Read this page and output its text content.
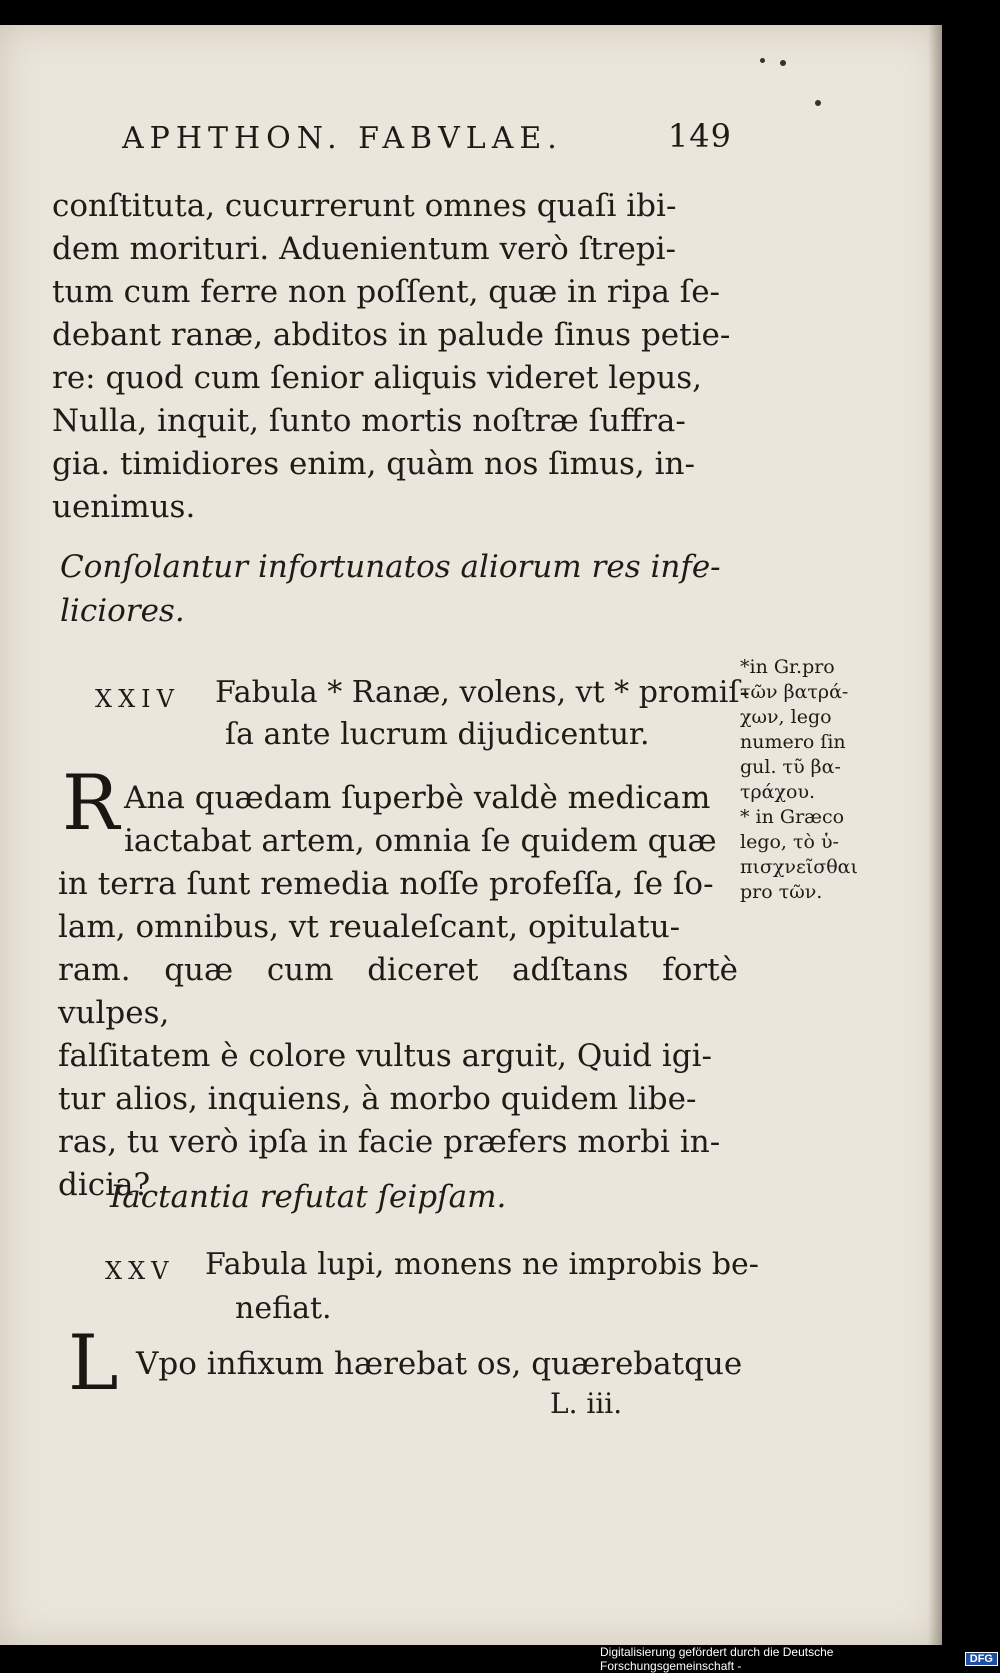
APHTHON. FABVLAE.	149
conſtituta, cucurrerunt omnes quaſi ibi-
dem morituri. Aduenientum verò ſtrepi-
tum cum ferre non poſſent, quæ in ripa ſe-
debant ranæ, abditos in palude ſinus petie-
re: quod cum ſenior aliquis videret lepus,
Nulla, inquit, ſunto mortis noſtræ ſuffra-
gia. timidiores enim, quàm nos ſimus, in-
uenimus.
Conſolantur infortunatos aliorum res infe-
liciores.
XXIV Fabula * Ranæ, volens, vt * promiſ-
ſa ante lucrum dijudicentur.
*in Gr.pro
τῶν βατρά-
χων, lego
numero ſin
gul. τῦ βα-
τράχου.
* in Græco
lego, τὸ ὑ-
πισχνεῖσθαι
pro τῶν.
R Ana quædam ſuperbè valdè medicam
iactabat artem, omnia ſe quidem quæ
in terra ſunt remedia noſſe profeſſa, ſe ſo-
lam, omnibus, vt reualeſcant, opitulatu-
ram. quæ cum diceret adſtans fortè vulpes,
falſitatem è colore vultus arguit, Quid igi-
tur alios, inquiens, à morbo quidem libe-
ras, tu verò ipſa in facie præfers morbi in-
dicia?
Iactantia refutat ſeipſam.
XXV Fabula lupi, monens ne improbis be-
nefiat.
L Vpo infixum hærebat os, quærebatque
L. iii.
Digitalisierung gefördert durch die Deutsche Forschungsgemeinschaft -	DFG
